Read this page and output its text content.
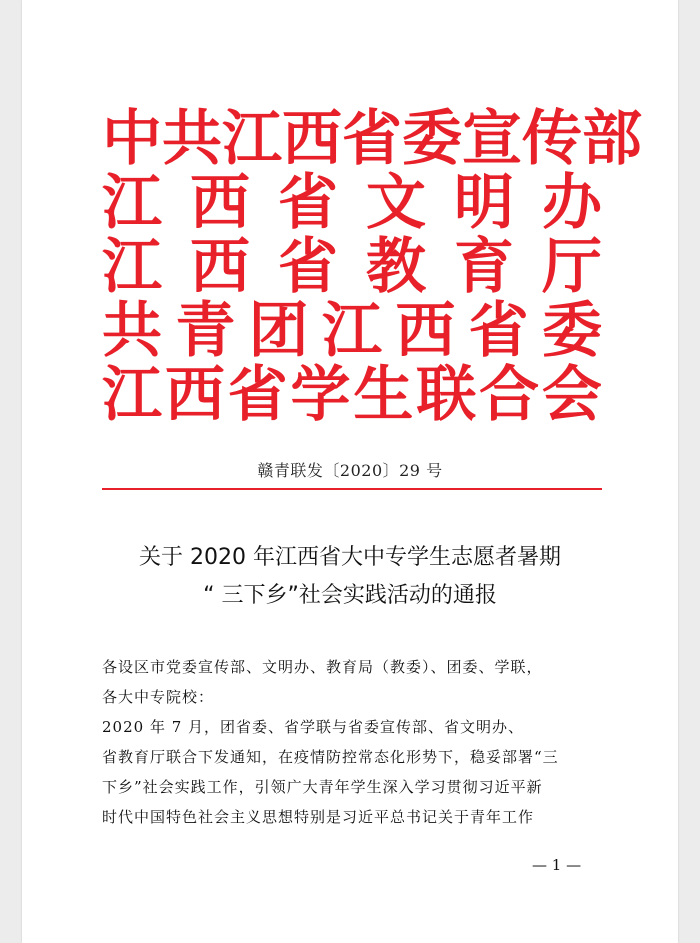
中 共 江 西 省 委 宣 传 部
江 西 省 文 明 办
江 西 省 教 育 厅
共 青 团 江 西 省 委
江 西 省 学 生 联 合 会
赣青联发〔2020〕29 号
关于 2020 年江西省大中专学生志愿者暑期
“ 三下乡”社会实践活动的通报
各设区市党委宣传部、文明办、教育局（教委）、团委、学联，
各大中专院校：
2020 年 7 月，团省委、省学联与省委宣传部、省文明办、
省教育厅联合下发通知，在疫情防控常态化形势下，稳妥部署“三
下乡”社会实践工作，引领广大青年学生深入学习贯彻习近平新
时代中国特色社会主义思想特别是习近平总书记关于青年工作
— 1 —
